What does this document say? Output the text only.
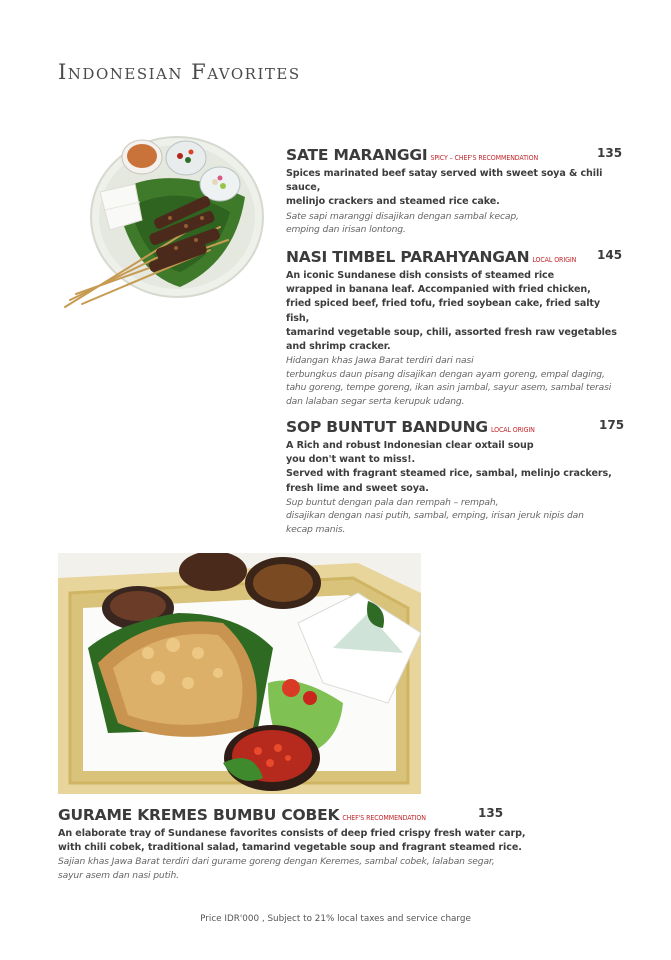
Indonesian Favorites
SATE MARANGGI SPICY – CHEF'S RECOMMENDATION	135

Spices marinated beef satay served with sweet soya & chili sauce,
melinjo crackers and steamed rice cake.

Sate sapi maranggi disajikan dengan sambal kecap,
emping dan irisan lontong.

NASI TIMBEL PARAHYANGAN LOCAL ORIGIN 145

An iconic Sundanese dish consists of steamed rice
wrapped in banana leaf. Accompanied with fried chicken,
fried spiced beef, fried tofu, fried soybean cake, fried salty fish,
tamarind vegetable soup, chili, assorted fresh raw vegetables
and shrimp cracker.

Hidangan khas Jawa Barat terdiri dari nasi
terbungkus daun pisang disajikan dengan ayam goreng, empal daging,
tahu goreng, tempe goreng, ikan asin jambal, sayur asem, sambal terasi
dan lalaban segar serta kerupuk udang.

SOP BUNTUT BANDUNG LOCAL ORIGIN	175

A Rich and robust Indonesian clear oxtail soup
you don't want to miss!.
Served with fragrant steamed rice, sambal, melinjo crackers,
fresh lime and sweet soya.

Sup buntut dengan pala dan rempah – rempah,
disajikan dengan nasi putih, sambal, emping, irisan jeruk nipis dan
kecap manis.

GURAME KREMES BUMBU COBEK CHEF'S RECOMMENDATION	135

An elaborate tray of Sundanese favorites consists of deep fried crispy fresh water carp,
with chili cobek, traditional salad, tamarind vegetable soup and fragrant steamed rice.

Sajian khas Jawa Barat terdiri dari gurame goreng dengan Keremes, sambal cobek, lalaban segar,
sayur asem dan nasi putih.

Price IDR'000 , Subject to 21% local taxes and service charge
